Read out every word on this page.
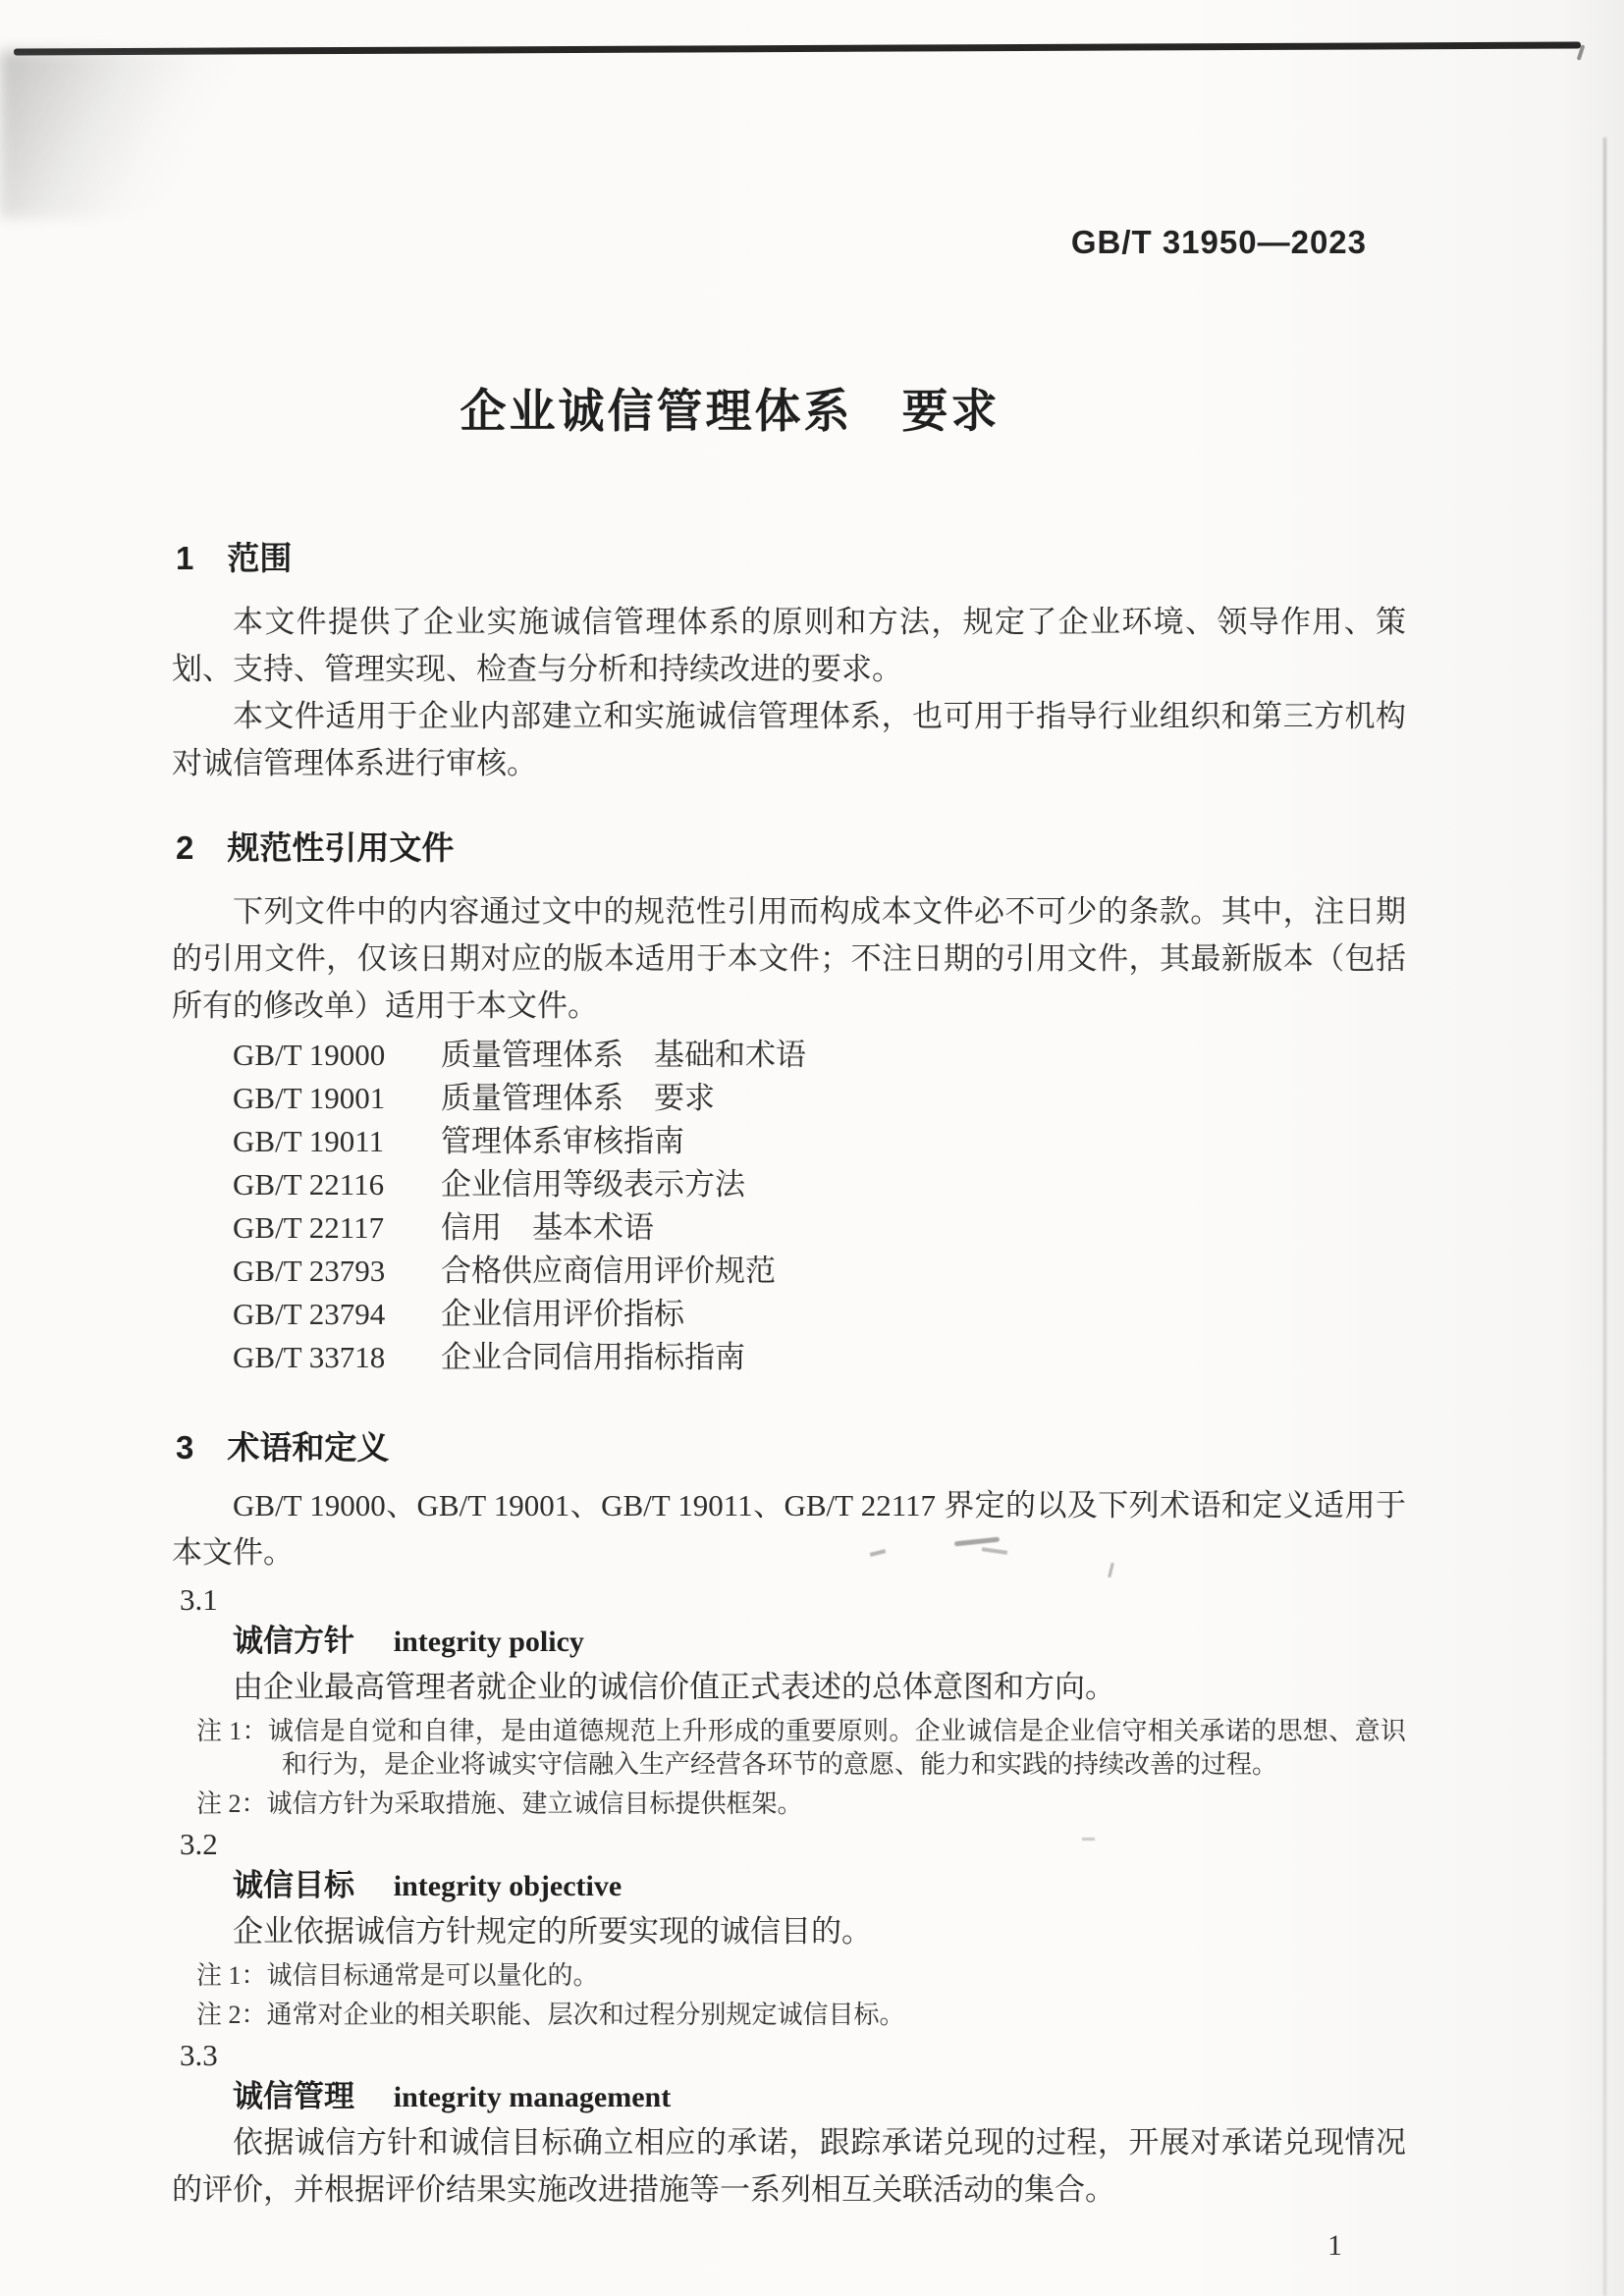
GB/T 31950—2023
企业诚信管理体系　要求
1 范围
本文件提供了企业实施诚信管理体系的原则和方法，规定了企业环境、领导作用、策划、支持、管理实现、检查与分析和持续改进的要求。
本文件适用于企业内部建立和实施诚信管理体系，也可用于指导行业组织和第三方机构对诚信管理体系进行审核。
2 规范性引用文件
下列文件中的内容通过文中的规范性引用而构成本文件必不可少的条款。其中，注日期的引用文件，仅该日期对应的版本适用于本文件；不注日期的引用文件，其最新版本（包括所有的修改单）适用于本文件。
GB/T 19000 质量管理体系　基础和术语
GB/T 19001 质量管理体系　要求
GB/T 19011 管理体系审核指南
GB/T 22116 企业信用等级表示方法
GB/T 22117 信用　基本术语
GB/T 23793 合格供应商信用评价规范
GB/T 23794 企业信用评价指标
GB/T 33718 企业合同信用指标指南
3 术语和定义
GB/T 19000、GB/T 19001、GB/T 19011、GB/T 22117 界定的以及下列术语和定义适用于本文件。
3.1
诚信方针 integrity policy
由企业最高管理者就企业的诚信价值正式表述的总体意图和方向。
注 1：诚信是自觉和自律，是由道德规范上升形成的重要原则。企业诚信是企业信守相关承诺的思想、意识和行为，是企业将诚实守信融入生产经营各环节的意愿、能力和实践的持续改善的过程。
注 2：诚信方针为采取措施、建立诚信目标提供框架。
3.2
诚信目标 integrity objective
企业依据诚信方针规定的所要实现的诚信目的。
注 1：诚信目标通常是可以量化的。
注 2：通常对企业的相关职能、层次和过程分别规定诚信目标。
3.3
诚信管理 integrity management
依据诚信方针和诚信目标确立相应的承诺，跟踪承诺兑现的过程，开展对承诺兑现情况的评价，并根据评价结果实施改进措施等一系列相互关联活动的集合。
1
